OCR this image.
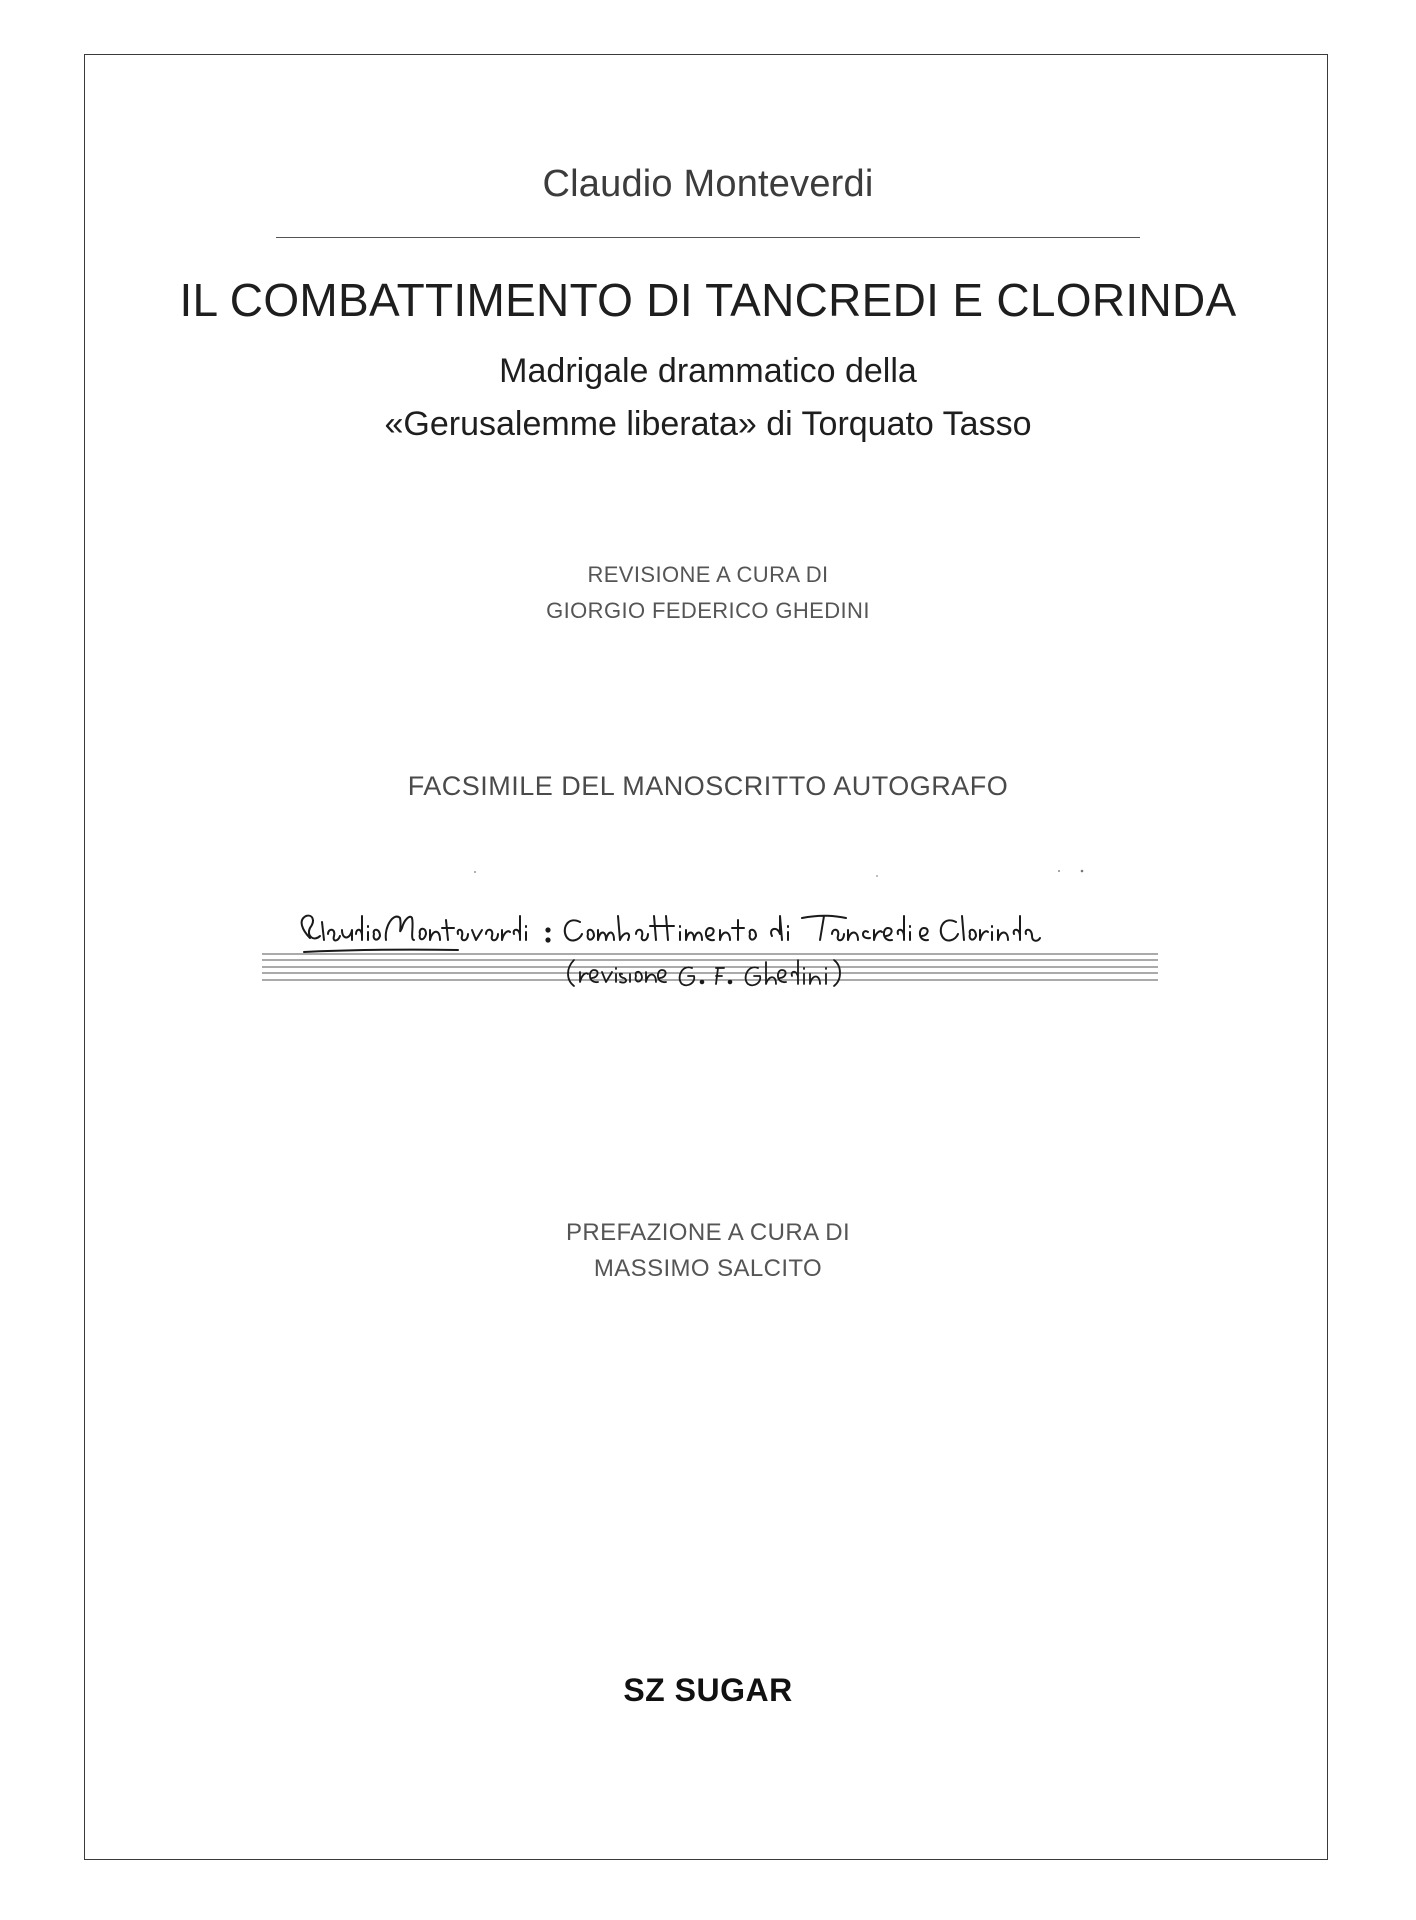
Claudio Monteverdi
IL COMBATTIMENTO DI TANCREDI E CLORINDA
Madrigale drammatico della
«Gerusalemme liberata» di Torquato Tasso
REVISIONE A CURA DI
GIORGIO FEDERICO GHEDINI
FACSIMILE DEL MANOSCRITTO AUTOGRAFO
PREFAZIONE A CURA DI
MASSIMO SALCITO
SZ SUGAR
